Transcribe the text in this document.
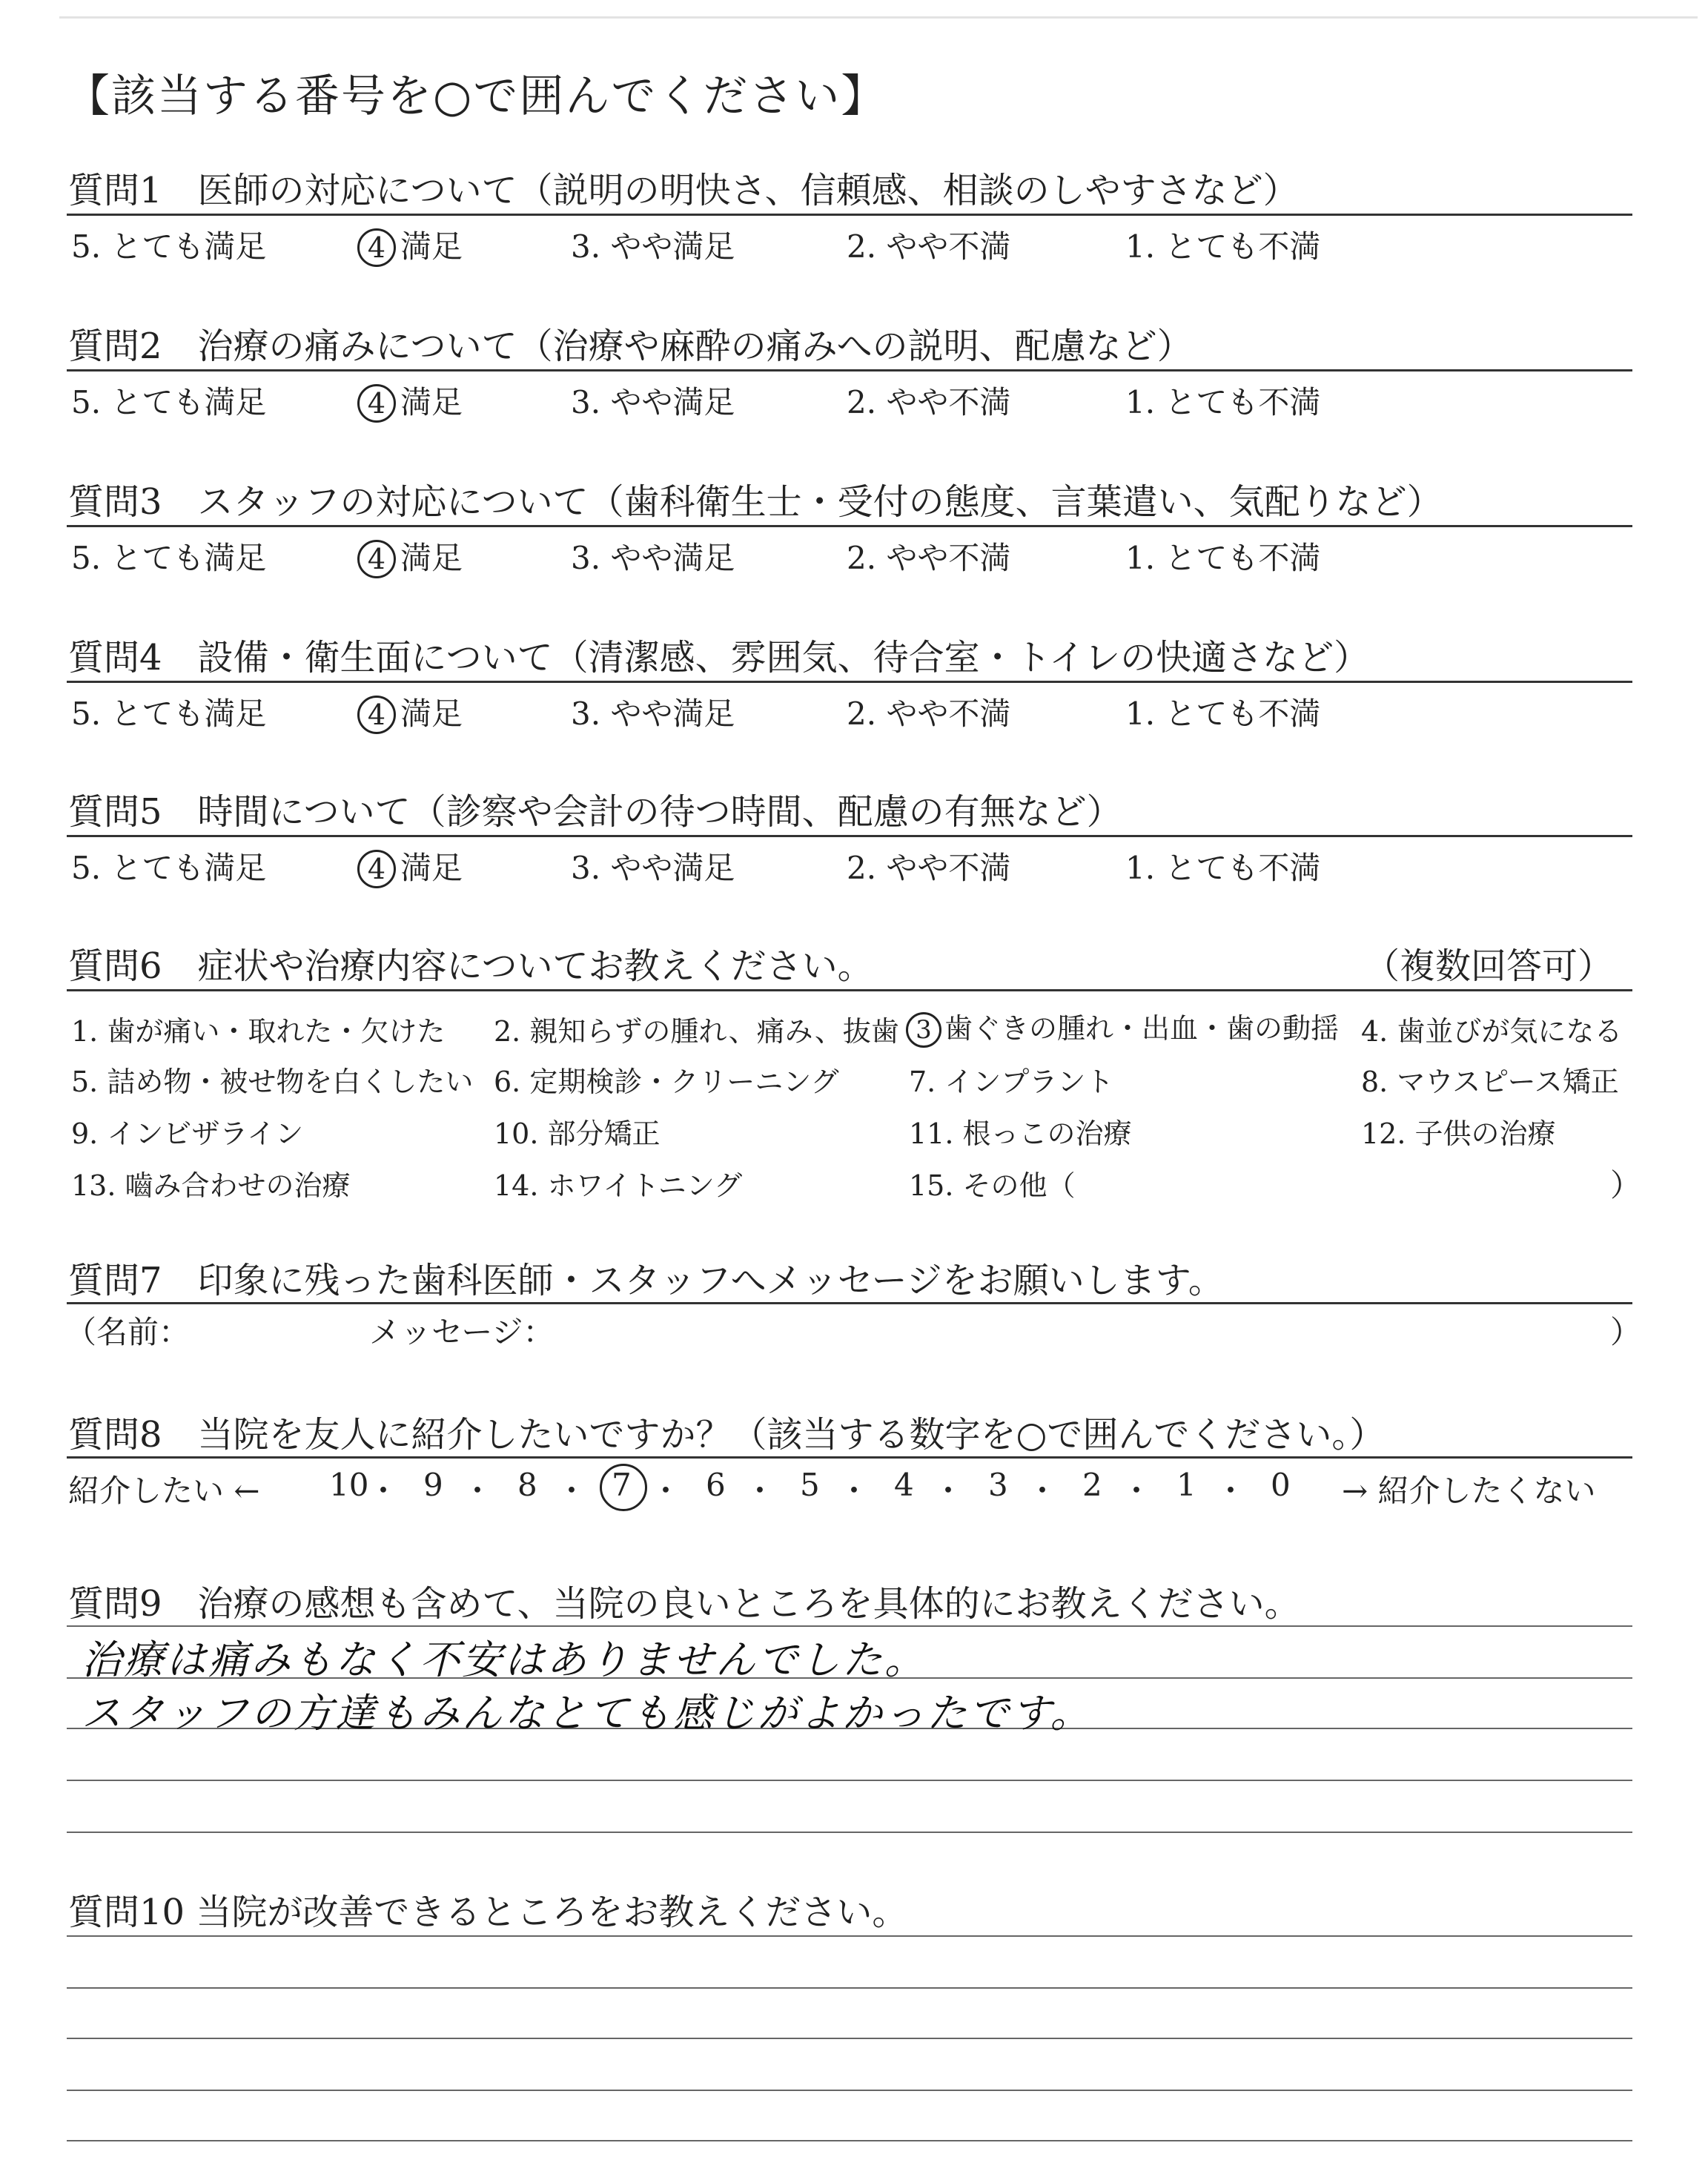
【該当する番号を○で囲んでください】
質問1　医師の対応について（説明の明快さ、信頼感、相談のしやすさなど）
5. とても満足	4 満足	3. やや満足	2. やや不満	1. とても不満
質問2　治療の痛みについて（治療や麻酔の痛みへの説明、配慮など）
5. とても満足	4 満足	3. やや満足	2. やや不満	1. とても不満
質問3　スタッフの対応について（歯科衛生士・受付の態度、言葉遣い、気配りなど）
5. とても満足	4 満足	3. やや満足	2. やや不満	1. とても不満
質問4　設備・衛生面について（清潔感、雰囲気、待合室・トイレの快適さなど）
5. とても満足	4 満足	3. やや満足	2. やや不満	1. とても不満
質問5　時間について（診察や会計の待つ時間、配慮の有無など）
5. とても満足	4 満足	3. やや満足	2. やや不満	1. とても不満
質問6　症状や治療内容についてお教えください。	（複数回答可）
1. 歯が痛い・取れた・欠けた 2. 親知らずの腫れ、痛み、抜歯 3 歯ぐきの腫れ・出血・歯の動揺 4. 歯並びが気になる
5. 詰め物・被せ物を白くしたい 6. 定期検診・クリーニング 7. インプラント	8. マウスピース矯正
9. インビザライン	10. 部分矯正	11. 根っこの治療	12. 子供の治療
13. 嚙み合わせの治療	14. ホワイトニング	15. その他（	）
質問7　印象に残った歯科医師・スタッフへメッセージをお願いします。
（名前：	メッセージ：	）
質問8　当院を友人に紹介したいですか？（該当する数字を○で囲んでください。）
紹介したい ← 10
・ 9 ・ 8 ・ 7 ・ 6 ・ 5 ・ 4 ・ 3 ・ 2 ・ 1 ・ 0 → 紹介したくない
質問9　治療の感想も含めて、当院の良いところを具体的にお教えください。
治療は痛みもなく不安はありませんでした。
スタッフの方達もみんなとても感じがよかったです。
質問10 当院が改善できるところをお教えください。
